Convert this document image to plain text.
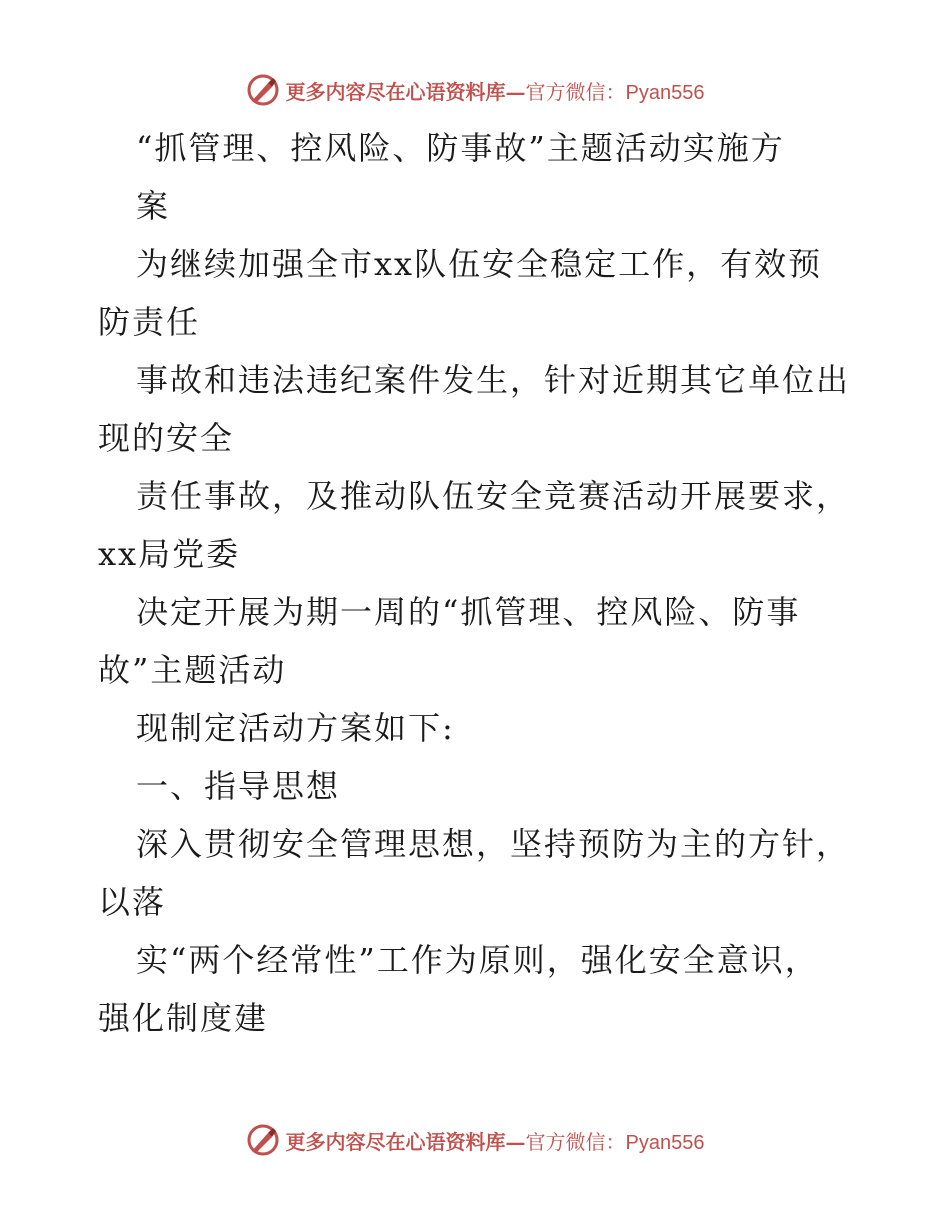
更多内容尽在心语资料库—官方微信：Pyan556
“抓管理、控风险、防事故”主题活动实施方
案
为继续加强全市xx队伍安全稳定工作，有效预
防责任
事故和违法违纪案件发生，针对近期其它单位出
现的安全
责任事故，及推动队伍安全竞赛活动开展要求，
xx局党委
决定开展为期一周的“抓管理、控风险、防事
故”主题活动
现制定活动方案如下:
一、指导思想
深入贯彻安全管理思想，坚持预防为主的方针，
以落
实“两个经常性”工作为原则，强化安全意识，
强化制度建
更多内容尽在心语资料库—官方微信：Pyan556
